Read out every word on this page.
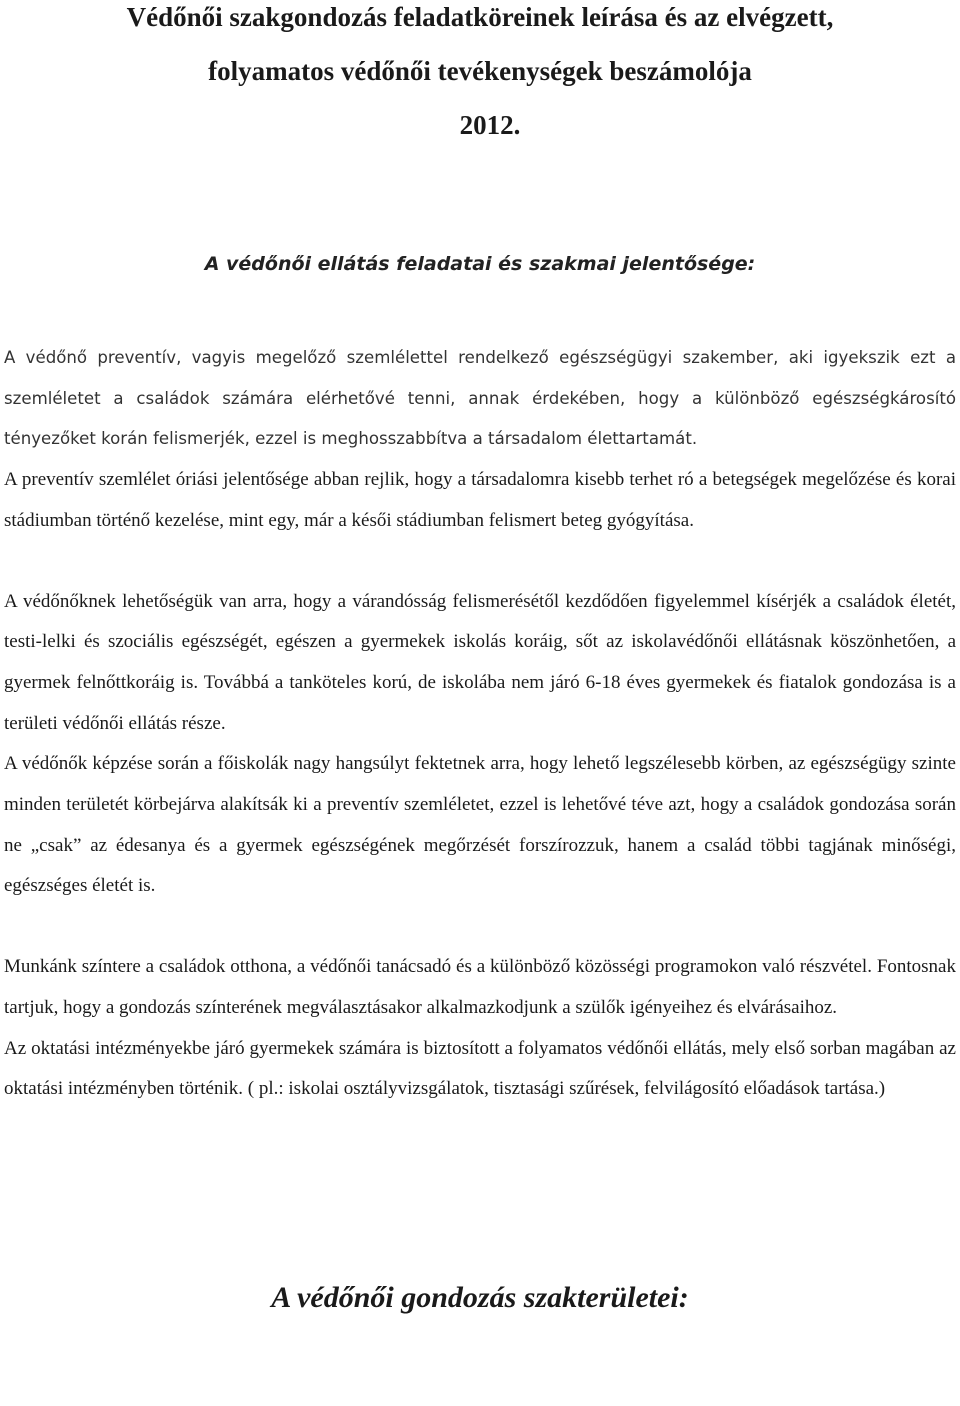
Védőnői szakgondozás feladatköreinek leírása és az elvégzett,
folyamatos védőnői tevékenységek beszámolója
2012.
A védőnői ellátás feladatai és szakmai jelentősége:

A védőnő preventív, vagyis megelőző szemlélettel rendelkező egészségügyi szakember, aki igyekszik ezt a szemléletet a családok számára elérhetővé tenni, annak érdekében, hogy a különböző egészségkárosító tényezőket korán felismerjék, ezzel is meghosszabbítva a társadalom élettartamát.

A preventív szemlélet óriási jelentősége abban rejlik, hogy a társadalomra kisebb terhet ró a betegségek megelőzése és korai stádiumban történő kezelése, mint egy, már a késői stádiumban felismert beteg gyógyítása.

A védőnőknek lehetőségük van arra, hogy a várandósság felismerésétől kezdődően figyelemmel kísérjék a családok életét, testi-lelki és szociális egészségét, egészen a gyermekek iskolás koráig, sőt az iskolavédőnői ellátásnak köszönhetően, a gyermek felnőttkoráig is. Továbbá a tanköteles korú, de iskolába nem járó 6-18 éves gyermekek és fiatalok gondozása is a területi védőnői ellátás része.

A védőnők képzése során a főiskolák nagy hangsúlyt fektetnek arra, hogy lehető legszélesebb körben, az egészségügy szinte minden területét körbejárva alakítsák ki a preventív szemléletet, ezzel is lehetővé téve azt, hogy a családok gondozása során ne „csak” az édesanya és a gyermek egészségének megőrzését forszírozzuk, hanem a család többi tagjának minőségi, egészséges életét is.

Munkánk színtere a családok otthona, a védőnői tanácsadó és a különböző közösségi programokon való részvétel. Fontosnak tartjuk, hogy a gondozás színterének megválasztásakor alkalmazkodjunk a szülők igényeihez és elvárásaihoz.

Az oktatási intézményekbe járó gyermekek számára is biztosított a folyamatos védőnői ellátás, mely első sorban magában az oktatási intézményben történik. ( pl.: iskolai osztályvizsgálatok, tisztasági szűrések, felvilágosító előadások tartása.)

A védőnői gondozás szakterületei:
